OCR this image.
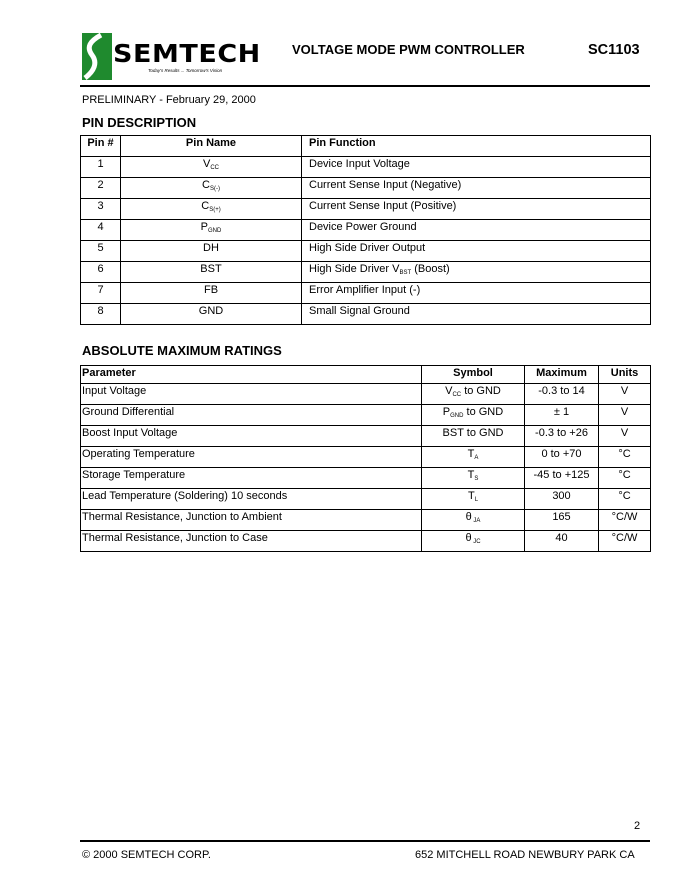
SEMTECH
Today's Results ... Tomorrow's Vision
VOLTAGE MODE PWM CONTROLLER	SC1103
PRELIMINARY - February 29, 2000
PIN DESCRIPTION
Pin #	Pin Name	Pin Function
1	$V_{CC}$	Device Input Voltage
2	$C_{S(-)}$	Current Sense Input (Negative)
3	$C_{S(+)}$	Current Sense Input (Positive)
4	$P_{GND}$	Device Power Ground
5	DH	High Side Driver Output
6	BST	High Side Driver $V_{BST}$ (Boost)
7	FB	Error Amplifier Input (-)
8	GND	Small Signal Ground
ABSOLUTE MAXIMUM RATINGS
Parameter	Symbol	Maximum	Units
Input Voltage	$V_{CC}$ to GND	-0.3 to 14	V
Ground Differential	$P_{GND}$ to GND	± 1	V
Boost Input Voltage	BST to GND	-0.3 to +26	V
Operating Temperature	$T_A$	0 to +70	°C
Storage Temperature	$T_S$	-45 to +125	°C
Lead Temperature (Soldering) 10 seconds	$T_L$	300	°C
Thermal Resistance, Junction to Ambient	θ $_{JA}$	165	°C/W
Thermal Resistance, Junction to Case	θ $_{JC}$	40	°C/W
2
© 2000 SEMTECH CORP.	652 MITCHELL ROAD NEWBURY PARK CA
